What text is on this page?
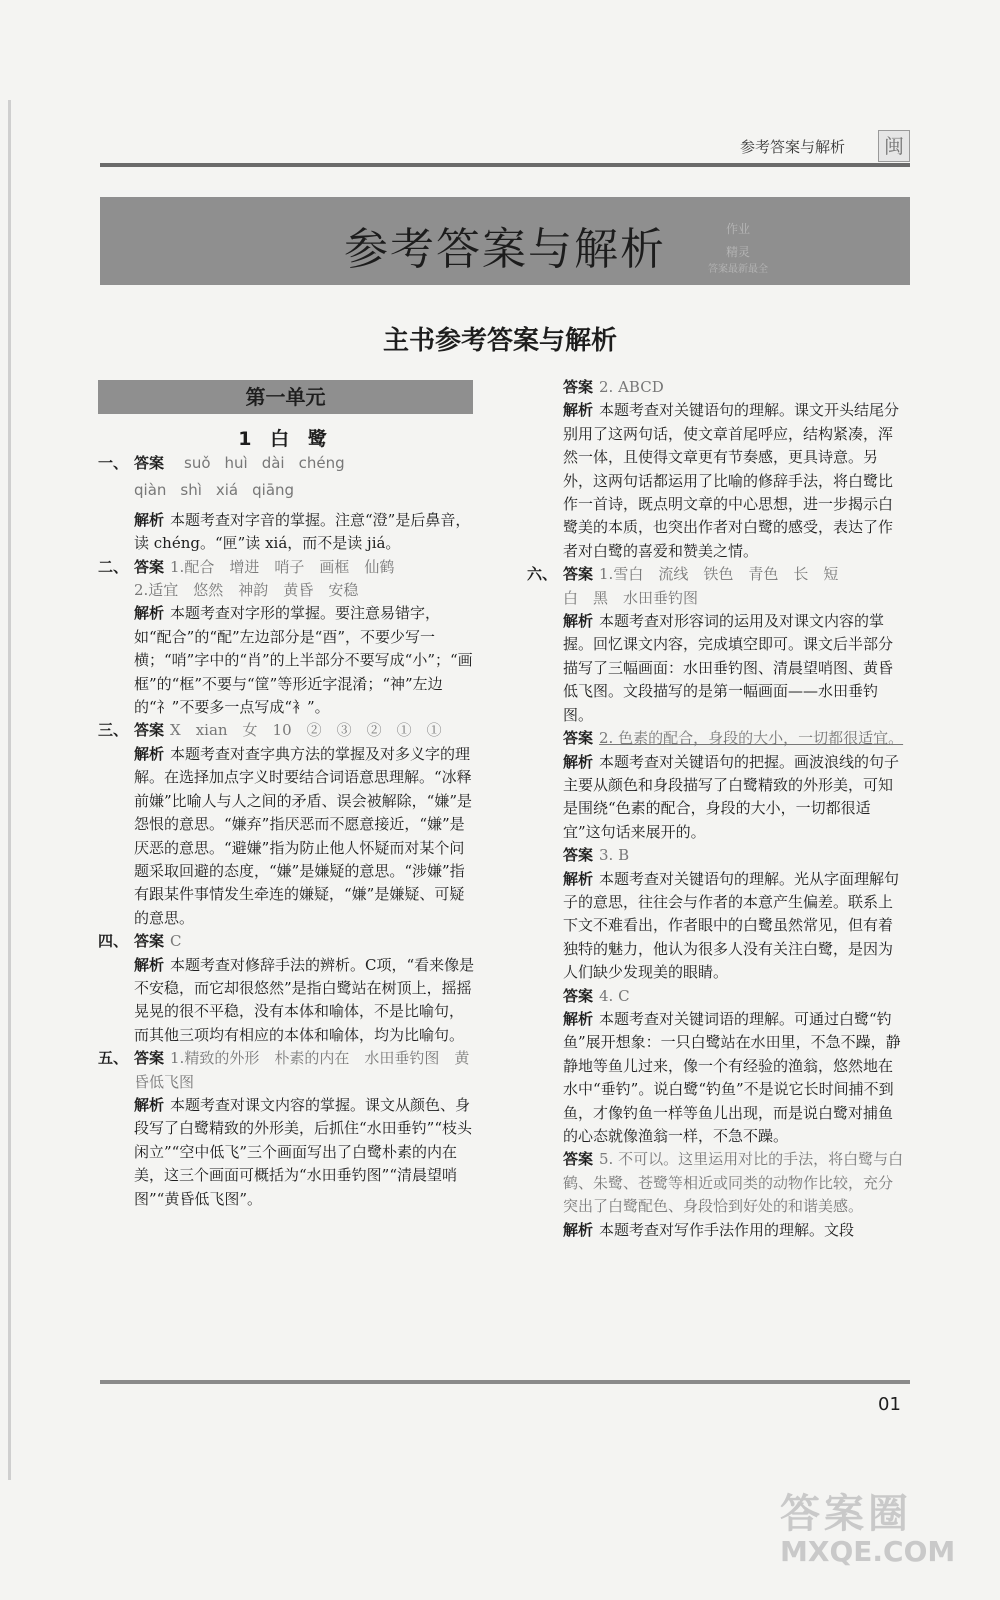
参考答案与解析	闽
参考答案与解析	作业
精灵
答案最新最全
主书参考答案与解析
第一单元
1 白 鹭
一、 答案 suǒ huì dài chéng
qiàn shì xiá qiāng
解析 本题考查对字音的掌握。注意“澄”是后鼻音，读 chéng。“匣”读 xiá，而不是读 jiá。
二、 答案 1.配合　增进　哨子　画框　仙鹤
2.适宜　悠然　神韵　黄昏　安稳
解析 本题考查对字形的掌握。要注意易错字，如“配合”的“配”左边部分是“酉”，不要少写一横；“哨”字中的“肖”的上半部分不要写成“小”；“画框”的“框”不要与“筐”等形近字混淆；“神”左边的“礻”不要多一点写成“衤”。
三、 答案 X　xian　女　10　②　③　②　①　①
解析 本题考查对查字典方法的掌握及对多义字的理解。在选择加点字义时要结合词语意思理解。“冰释前嫌”比喻人与人之间的矛盾、误会被解除，“嫌”是怨恨的意思。“嫌弃”指厌恶而不愿意接近，“嫌”是厌恶的意思。“避嫌”指为防止他人怀疑而对某个问题采取回避的态度，“嫌”是嫌疑的意思。“涉嫌”指有跟某件事情发生牵连的嫌疑，“嫌”是嫌疑、可疑的意思。
四、 答案 C
解析 本题考查对修辞手法的辨析。C项，“看来像是不安稳，而它却很悠然”是指白鹭站在树顶上，摇摇晃晃的很不平稳，没有本体和喻体，不是比喻句，而其他三项均有相应的本体和喻体，均为比喻句。
五、 答案 1.精致的外形　朴素的内在　水田垂钓图　黄昏低飞图
解析 本题考查对课文内容的掌握。课文从颜色、身段写了白鹭精致的外形美，后抓住“水田垂钓”“枝头闲立”“空中低飞”三个画面写出了白鹭朴素的内在美，这三个画面可概括为“水田垂钓图”“清晨望哨图”“黄昏低飞图”。
答案 2. ABCD
解析 本题考查对关键语句的理解。课文开头结尾分别用了这两句话，使文章首尾呼应，结构紧凑，浑然一体，且使得文章更有节奏感，更具诗意。另外，这两句话都运用了比喻的修辞手法，将白鹭比作一首诗，既点明文章的中心思想，进一步揭示白鹭美的本质，也突出作者对白鹭的感受，表达了作者对白鹭的喜爱和赞美之情。
六、 答案 1.雪白　流线　铁色　青色　长　短
白　黑　水田垂钓图
解析 本题考查对形容词的运用及对课文内容的掌握。回忆课文内容，完成填空即可。课文后半部分描写了三幅画面：水田垂钓图、清晨望哨图、黄昏低飞图。文段描写的是第一幅画面——水田垂钓图。
答案 2. 色素的配合，身段的大小，一切都很适宜。
解析 本题考查对关键语句的把握。画波浪线的句子主要从颜色和身段描写了白鹭精致的外形美，可知是围绕“色素的配合，身段的大小，一切都很适宜”这句话来展开的。
答案 3. B
解析 本题考查对关键语句的理解。光从字面理解句子的意思，往往会与作者的本意产生偏差。联系上下文不难看出，作者眼中的白鹭虽然常见，但有着独特的魅力，他认为很多人没有关注白鹭，是因为人们缺少发现美的眼睛。
答案 4. C
解析 本题考查对关键词语的理解。可通过白鹭“钓鱼”展开想象：一只白鹭站在水田里，不急不躁，静静地等鱼儿过来，像一个有经验的渔翁，悠然地在水中“垂钓”。说白鹭“钓鱼”不是说它长时间捕不到鱼，才像钓鱼一样等鱼儿出现，而是说白鹭对捕鱼的心态就像渔翁一样，不急不躁。
答案 5. 不可以。这里运用对比的手法，将白鹭与白鹤、朱鹭、苍鹭等相近或同类的动物作比较，充分突出了白鹭配色、身段恰到好处的和谐美感。
解析 本题考查对写作手法作用的理解。文段
01
答案圈
MXQE.COM
